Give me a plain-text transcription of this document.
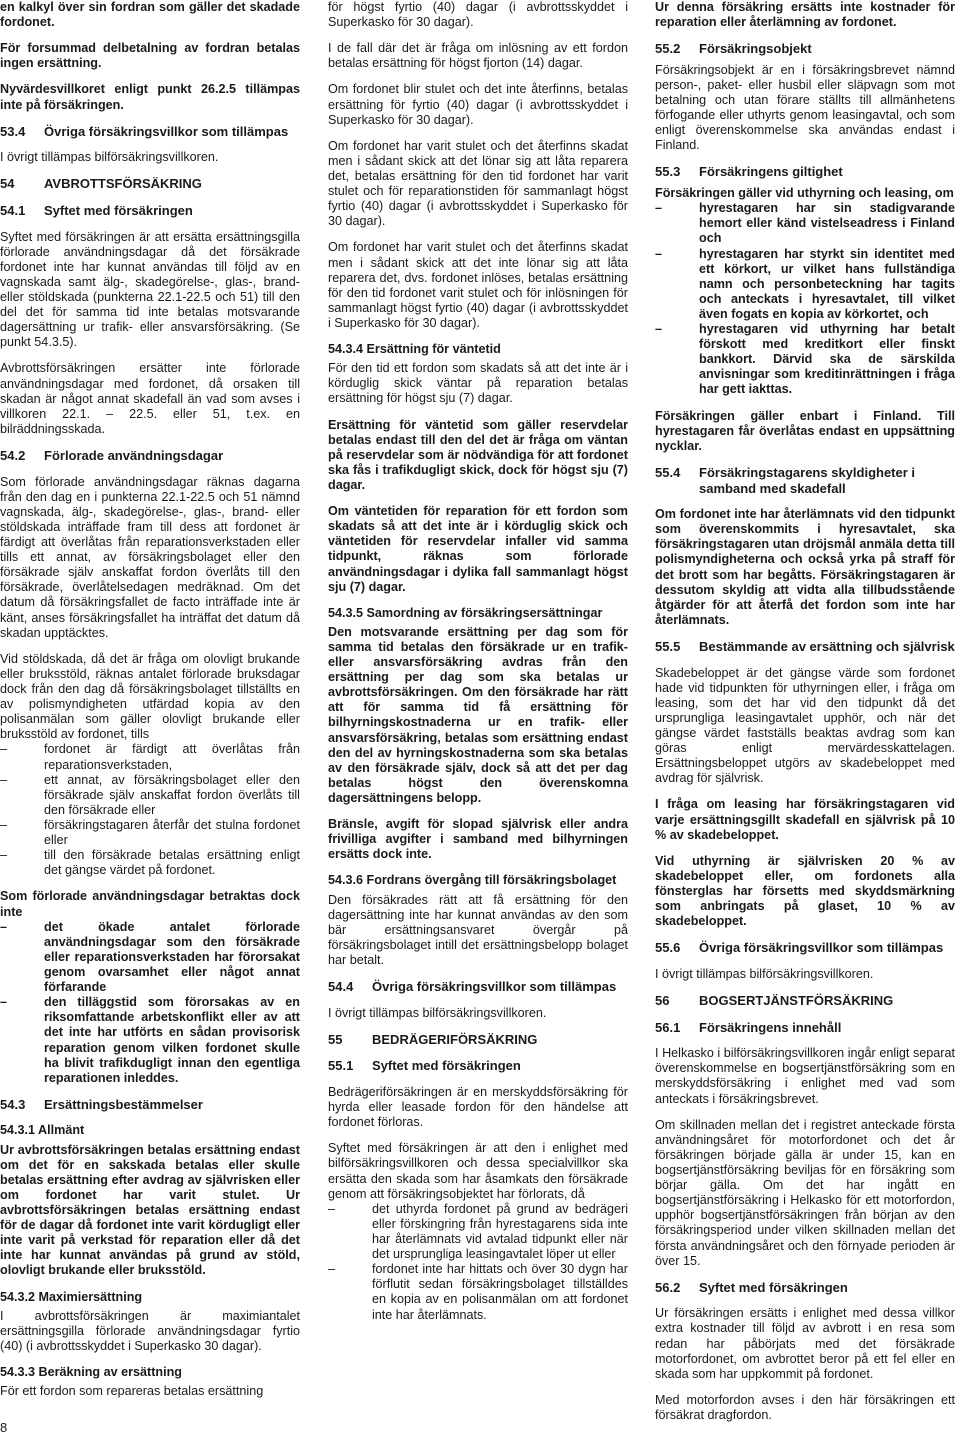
en kalkyl över sin fordran som gäller det skadade fordonet.

För forsummad delbetalning av fordran betalas ingen ersättning.

Nyvärdesvillkoret enligt punkt 26.2.5 tillämpas inte på försäkringen.

53.4	Övriga försäkringsvillkor som tillämpas

I övrigt tillämpas bilförsäkringsvillkoren.

54	AVBROTTSFÖRSÄKRING
54.1	Syftet med försäkringen

Syftet med försäkringen är att ersätta ersättningsgilla förlorade användningsdagar då det försäkrade fordonet inte har kunnat användas till följd av en vagnskada samt älg-, skadegörelse-, glas-, brand- eller stöldskada (punkterna 22.1-22.5 och 51) till den del det för samma tid inte betalas motsvarande dagersättning ur trafik- eller ansvarsförsäkring. (Se punkt 54.3.5).

Avbrottsförsäkringen ersätter inte förlorade användningsdagar med fordonet, då orsaken till skadan är något annat skadefall än vad som avses i villkoren 22.1. – 22.5. eller 51, t.ex. en bilräddningsskada.

54.2	Förlorade användningsdagar

Som förlorade användningsdagar räknas dagarna från den dag en i punkterna 22.1-22.5 och 51 nämnd vagnskada, älg-, skadegörelse-, glas-, brand- eller stöldskada inträffade fram till dess att fordonet är färdigt att överlåtas från reparationsverkstaden eller tills ett annat, av försäkringsbolaget eller den försäkrade själv anskaffat fordon överlåts till den försäkrade, överlåtelsedagen medräknad. Om det datum då försäkringsfallet de facto inträffade inte är känt, anses försäkringsfallet ha inträffat det datum då skadan upptäcktes.

Vid stöldskada, då det är fråga om olovligt brukande eller bruksstöld, räknas antalet förlorade bruksdagar dock från den dag då försäkringsbolaget tillställts en av polismyndigheten utfärdad kopia av den polisanmälan som gäller olovligt brukande eller bruksstöld av fordonet, tills

– fordonet är färdigt att överlåtas från reparationsverkstaden,
– ett annat, av försäkringsbolaget eller den försäkrade själv anskaffat fordon överlåts till den försäkrade eller
– försäkringstagaren återfår det stulna fordonet eller
– till den försäkrade betalas ersättning enligt det gängse värdet på fordonet.

Som förlorade användningsdagar betraktas dock inte

– det ökade antalet förlorade användningsdagar som den försäkrade eller reparationsverkstaden har förorsakat genom ovarsamhet eller något annat förfarande
– den tilläggstid som förorsakas av en riksomfattande arbetskonflikt eller av att det inte har utförts en sådan provisorisk reparation genom vilken fordonet skulle ha blivit trafikdugligt innan den egentliga reparationen inleddes.
54.3	Ersättningsbestämmelser
54.3.1 Allmänt

Ur avbrottsförsäkringen betalas ersättning endast om det för en sakskada betalas eller skulle betalas ersättning efter avdrag av självrisken eller om fordonet har varit stulet. Ur avbrottsförsäkringen betalas ersättning endast för de dagar då fordonet inte varit kördugligt eller inte varit på verkstad för reparation eller då det inte har kunnat användas på grund av stöld, olovligt brukande eller bruksstöld.

54.3.2 Maximiersättning

I avbrottsförsäkringen är maximiantalet ersättningsgilla förlorade användningsdagar fyrtio (40) (i avbrottsskyddet i Superkasko 30 dagar).

54.3.3 Beräkning av ersättning

För ett fordon som repareras betalas ersättning

för högst fyrtio (40) dagar (i avbrottsskyddet i Superkasko för 30 dagar).

I de fall där det är fråga om inlösning av ett fordon betalas ersättning för högst fjorton (14) dagar.

Om fordonet blir stulet och det inte återfinns, betalas ersättning för fyrtio (40) dagar (i avbrottsskyddet i Superkasko för 30 dagar).

Om fordonet har varit stulet och det återfinns skadat men i sådant skick att det lönar sig att låta reparera det, betalas ersättning för den tid fordonet har varit stulet och för reparationstiden för sammanlagt högst fyrtio (40) dagar (i avbrottsskyddet i Superkasko för 30 dagar).

Om fordonet har varit stulet och det återfinns skadat men i sådant skick att det inte lönar sig att låta reparera det, dvs. fordonet inlöses, betalas ersättning för den tid fordonet varit stulet och för inlösningen för sammanlagt högst fyrtio (40) dagar (i avbrottsskyddet i Superkasko för 30 dagar).

54.3.4 Ersättning för väntetid

För den tid ett fordon som skadats så att det inte är i körduglig skick väntar på reparation betalas ersättning för högst sju (7) dagar.

Ersättning för väntetid som gäller reservdelar betalas endast till den del det är fråga om väntan på reservdelar som är nödvändiga för att fordonet ska fås i trafikdugligt skick, dock för högst sju (7) dagar.

Om väntetiden för reparation för ett fordon som skadats så att det inte är i körduglig skick och väntetiden för reservdelar infaller vid samma tidpunkt, räknas som förlorade användningsdagar i dylika fall sammanlagt högst sju (7) dagar.

54.3.5 Samordning av försäkringsersättningar

Den motsvarande ersättning per dag som för samma tid betalas den försäkrade ur en trafik- eller ansvarsförsäkring avdras från den ersättning per dag som ska betalas ur avbrottsförsäkringen. Om den försäkrade har rätt att för samma tid få ersättning för bilhyrningskostnaderna ur en trafik- eller ansvarsförsäkring, betalas som ersättning endast den del av hyrningskostnaderna som ska betalas av den försäkrade själv, dock så att det per dag betalas högst den överenskomna dagersättningens belopp.

Bränsle, avgift för slopad självrisk eller andra frivilliga avgifter i samband med bilhyrningen ersätts dock inte.

54.3.6 Fordrans övergång till försäkringsbolaget

Den försäkrades rätt att få ersättning för den dagersättning inte har kunnat användas av den som bär ersättningsansvaret övergår på försäkringsbolaget intill det ersättningsbelopp bolaget har betalt.

54.4	Övriga försäkringsvillkor som tillämpas

I övrigt tillämpas bilförsäkringsvillkoren.

55	BEDRÄGERIFÖRSÄKRING
55.1	Syftet med försäkringen

Bedrägeriförsäkringen är en merskyddsförsäkring för hyrda eller leasade fordon för den händelse att fordonet förloras.

Syftet med försäkringen är att den i enlighet med bilförsäkringsvillkoren och dessa specialvillkor ska ersätta den skada som har åsamkats den försäkrade genom att försäkringsobjektet har förlorats, då

– det uthyrda fordonet på grund av bedrägeri eller förskingring från hyrestagarens sida inte har återlämnats vid avtalad tidpunkt eller när det ursprungliga leasingavtalet löper ut eller
– fordonet inte har hittats och över 30 dygn har förflutit sedan försäkringsbolaget tillställdes en kopia av en polisanmälan om att fordonet inte har återlämnats.

Ur denna försäkring ersätts inte kostnader för reparation eller återlämning av fordonet.

55.2	Försäkringsobjekt

Försäkringsobjekt är en i försäkringsbrevet nämnd person-, paket- eller husbil eller släpvagn som mot betalning och utan förare ställts till allmänhetens förfogande eller uthyrts genom leasingavtal, och som enligt överenskommelse ska användas endast i Finland.

55.3	Försäkringens giltighet

Försäkringen gäller vid uthyrning och leasing, om

– hyrestagaren har sin stadigvarande hemort eller känd vistelseadress i Finland och
– hyrestagaren har styrkt sin identitet med ett körkort, ur vilket hans fullständiga namn och personbeteckning har tagits och anteckats i hyresavtalet, till vilket även fogats en kopia av körkortet, och
– hyrestagaren vid uthyrning har betalt förskott med kreditkort eller finskt bankkort. Därvid ska de särskilda anvisningar som kreditinrättningen i fråga har gett iakttas.

Försäkringen gäller enbart i Finland. Till hyrestagaren får överlåtas endast en uppsättning nycklar.

55.4	Försäkringstagarens skyldigheter i samband med skadefall

Om fordonet inte har återlämnats vid den tidpunkt som överenskommits i hyresavtalet, ska försäkringstagaren utan dröjsmål anmäla detta till polismyndigheterna och också yrka på straff för det brott som har begåtts. Försäkringstagaren är dessutom skyldig att vidta alla tillbudsstående åtgärder för att återfå det fordon som inte har återlämnats.

55.5	Bestämmande av ersättning och självrisk

Skadebeloppet är det gängse värde som fordonet hade vid tidpunkten för uthyrningen eller, i fråga om leasing, som det har vid den tidpunkt då det ursprungliga leasingavtalet upphör, och när det gängse värdet fastställs beaktas avdrag som kan göras enligt mervärdesskattelagen. Ersättningsbeloppet utgörs av skadebeloppet med avdrag för självrisk.

I fråga om leasing har försäkringstagaren vid varje ersättningsgillt skadefall en självrisk på 10 % av skadebeloppet.

Vid uthyrning är självrisken 20 % av skadebeloppet eller, om fordonets alla fönsterglas har försetts med skyddsmärkning som anbringats på glaset, 10 % av skadebeloppet.

55.6	Övriga försäkringsvillkor som tillämpas

I övrigt tillämpas bilförsäkringsvillkoren.

56	BOGSERTJÄNSTFÖRSÄKRING
56.1	Försäkringens innehåll

I Helkasko i bilförsäkringsvillkoren ingår enligt separat överenskommelse en bogsertjänstförsäkring som en merskyddsförsäkring i enlighet med vad som anteckats i försäkringsbrevet.

Om skillnaden mellan det i registret anteckade första användningsåret för motorfordonet och det år försäkringen började gälla är under 15, kan en bogsertjänstförsäkring beviljas för en försäkring som börjar gälla. Om det har ingått en bogsertjänstförsäkring i Helkasko för ett motorfordon, upphör bogsertjänstförsäkringen från början av den försäkringsperiod under vilken skillnaden mellan det första användningsåret och den förnyade perioden är över 15.

56.2	Syftet med försäkringen

Ur försäkringen ersätts i enlighet med dessa villkor extra kostnader till följd av avbrott i en resa som redan har påbörjats med det försäkrade motorfordonet, om avbrottet beror på ett fel eller en skada som har uppkommit på fordonet.

Med motorfordon avses i den här försäkringen ett försäkrat dragfordon.

8
